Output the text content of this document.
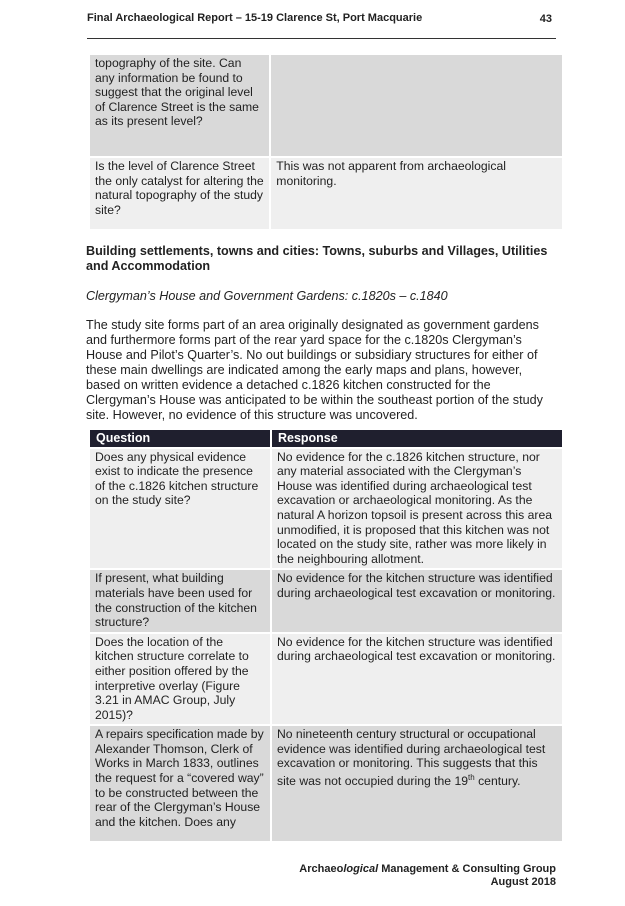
Final Archaeological Report – 15-19 Clarence St, Port Macquarie	43
topography of the site. Can any information be found to suggest that the original level of Clarence Street is the same as its present level?	
Is the level of Clarence Street the only catalyst for altering the natural topography of the study site?	This was not apparent from archaeological monitoring.
Building settlements, towns and cities: Towns, suburbs and Villages, Utilities and Accommodation
Clergyman’s House and Government Gardens: c.1820s – c.1840
The study site forms part of an area originally designated as government gardens and furthermore forms part of the rear yard space for the c.1820s Clergyman’s House and Pilot’s Quarter’s. No out buildings or subsidiary structures for either of these main dwellings are indicated among the early maps and plans, however, based on written evidence a detached c.1826 kitchen constructed for the Clergyman’s House was anticipated to be within the southeast portion of the study site. However, no evidence of this structure was uncovered.
Question	Response
Does any physical evidence exist to indicate the presence of the c.1826 kitchen structure on the study site?	No evidence for the c.1826 kitchen structure, nor any material associated with the Clergyman’s House was identified during archaeological test excavation or archaeological monitoring. As the natural A horizon topsoil is present across this area unmodified, it is proposed that this kitchen was not located on the study site, rather was more likely in the neighbouring allotment.
If present, what building materials have been used for the construction of the kitchen structure?	No evidence for the kitchen structure was identified during archaeological test excavation or monitoring.
Does the location of the kitchen structure correlate to either position offered by the interpretive overlay (Figure 3.21 in AMAC Group, July 2015)?	No evidence for the kitchen structure was identified during archaeological test excavation or monitoring.
A repairs specification made by Alexander Thomson, Clerk of Works in March 1833, outlines the request for a “covered way” to be constructed between the rear of the Clergyman’s House and the kitchen. Does any	No nineteenth century structural or occupational evidence was identified during archaeological test excavation or monitoring. This suggests that this site was not occupied during the 19th century.
Archaeological Management & Consulting Group
August 2018
